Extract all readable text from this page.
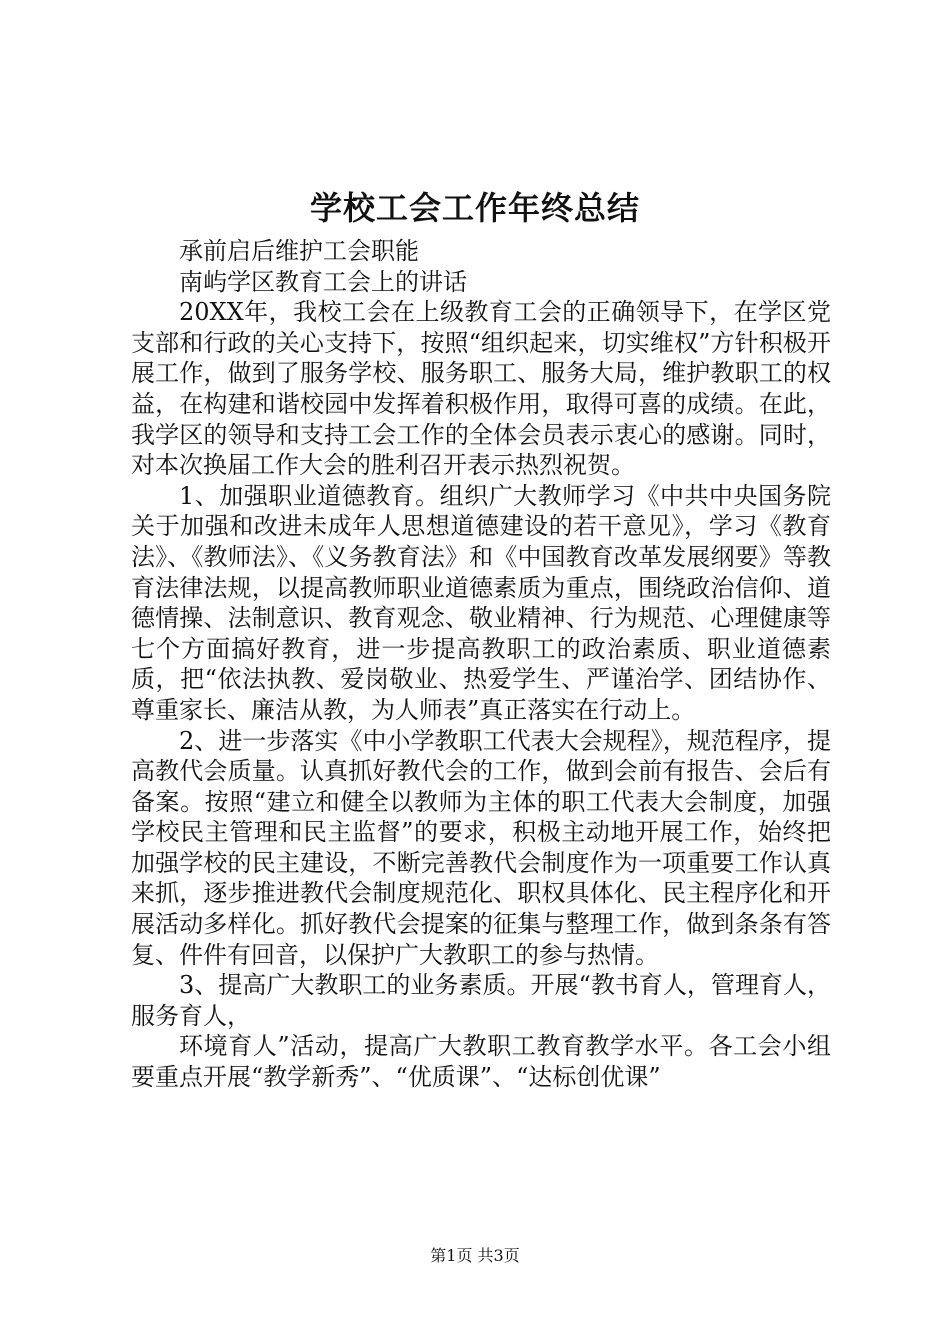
学校工会工作年终总结

承前启后维护工会职能

南屿学区教育工会上的讲话

20XX年，我校工会在上级教育工会的正确领导下，在学区党支部和行政的关心支持下，按照“组织起来，切实维权”方针积极开展工作，做到了服务学校、服务职工、服务大局，维护教职工的权益，在构建和谐校园中发挥着积极作用，取得可喜的成绩。在此，我学区的领导和支持工会工作的全体会员表示衷心的感谢。同时，对本次换届工作大会的胜利召开表示热烈祝贺。

1、加强职业道德教育。组织广大教师学习《中共中央国务院关于加强和改进未成年人思想道德建设的若干意见》，学习《教育法》、《教师法》、《义务教育法》和《中国教育改革发展纲要》等教育法律法规，以提高教师职业道德素质为重点，围绕政治信仰、道德情操、法制意识、教育观念、敬业精神、行为规范、心理健康等七个方面搞好教育，进一步提高教职工的政治素质、职业道德素质，把“依法执教、爱岗敬业、热爱学生、严谨治学、团结协作、尊重家长、廉洁从教，为人师表”真正落实在行动上。

2、进一步落实《中小学教职工代表大会规程》，规范程序，提高教代会质量。认真抓好教代会的工作，做到会前有报告、会后有备案。按照“建立和健全以教师为主体的职工代表大会制度，加强学校民主管理和民主监督”的要求，积极主动地开展工作，始终把加强学校的民主建设，不断完善教代会制度作为一项重要工作认真来抓，逐步推进教代会制度规范化、职权具体化、民主程序化和开展活动多样化。抓好教代会提案的征集与整理工作，做到条条有答复、件件有回音，以保护广大教职工的参与热情。

3、提高广大教职工的业务素质。开展“教书育人，管理育人，服务育人，

环境育人”活动，提高广大教职工教育教学水平。各工会小组要重点开展“教学新秀”、“优质课”、“达标创优课”

第1页 共3页
